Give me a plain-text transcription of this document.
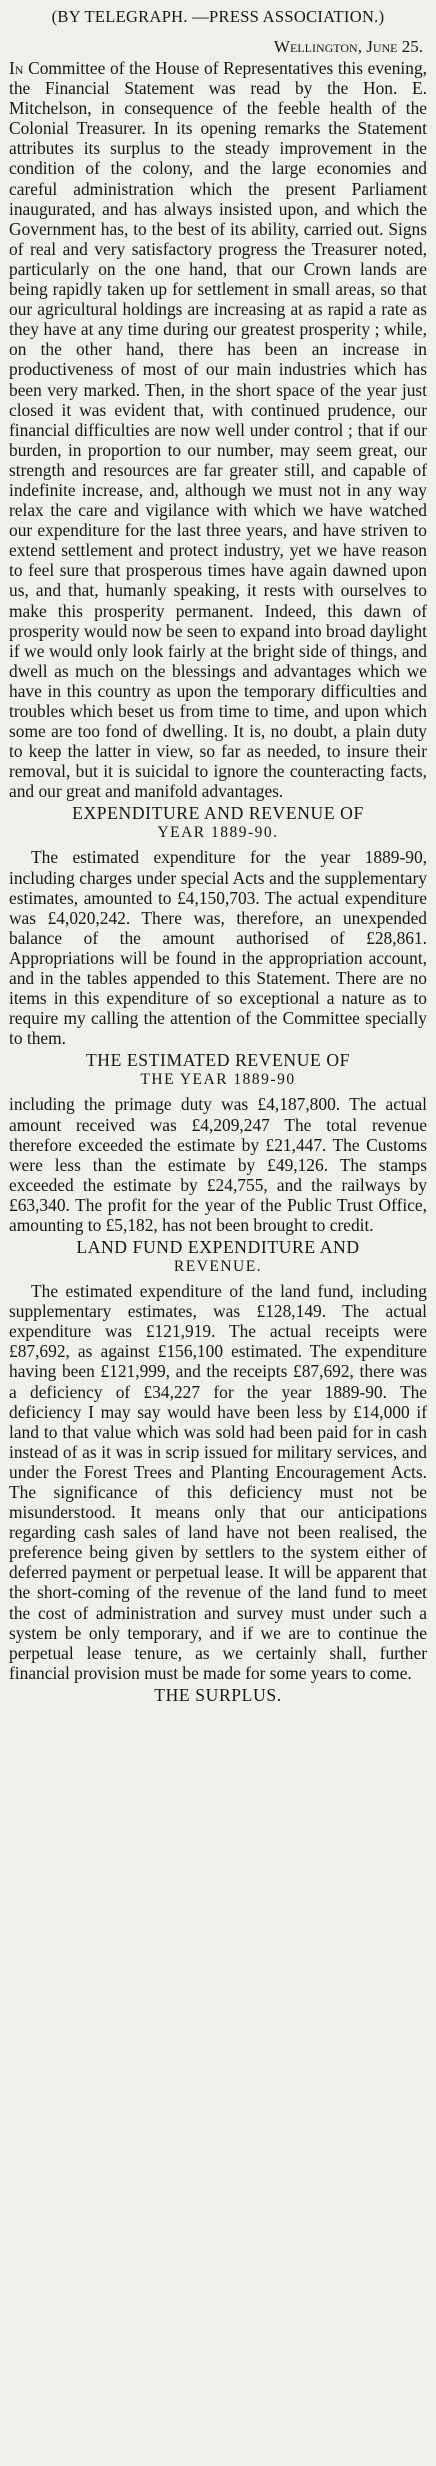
(BY TELEGRAPH. —PRESS ASSOCIATION.)
Wellington, June 25.

In Committee of the House of Representatives this evening, the Financial Statement was read by the Hon. E. Mitchelson, in consequence of the feeble health of the Colonial Treasurer. In its opening remarks the Statement attributes its surplus to the steady improvement in the condition of the colony, and the large economies and careful administration which the present Parliament inaugurated, and has always insisted upon, and which the Government has, to the best of its ability, carried out. Signs of real and very satisfactory progress the Treasurer noted, particularly on the one hand, that our Crown lands are being rapidly taken up for settlement in small areas, so that our agricultural holdings are increasing at as rapid a rate as they have at any time during our greatest prosperity ; while, on the other hand, there has been an increase in productiveness of most of our main industries which has been very marked. Then, in the short space of the year just closed it was evident that, with continued prudence, our financial difficulties are now well under control ; that if our burden, in proportion to our number, may seem great, our strength and resources are far greater still, and capable of indefinite increase, and, although we must not in any way relax the care and vigilance with which we have watched our expenditure for the last three years, and have striven to extend settlement and protect industry, yet we have reason to feel sure that prosperous times have again dawned upon us, and that, humanly speaking, it rests with ourselves to make this prosperity permanent. Indeed, this dawn of prosperity would now be seen to expand into broad daylight if we would only look fairly at the bright side of things, and dwell as much on the blessings and advantages which we have in this country as upon the temporary difficulties and troubles which beset us from time to time, and upon which some are too fond of dwelling. It is, no doubt, a plain duty to keep the latter in view, so far as needed, to insure their removal, but it is suicidal to ignore the counteracting facts, and our great and manifold advantages.

EXPENDITURE AND REVENUE OF
YEAR 1889-90.

The estimated expenditure for the year 1889-90, including charges under special Acts and the supplementary estimates, amounted to £4,150,703. The actual expenditure was £4,020,242. There was, therefore, an unexpended balance of the amount authorised of £28,861. Appropriations will be found in the appropriation account, and in the tables appended to this Statement. There are no items in this expenditure of so exceptional a nature as to require my calling the attention of the Committee specially to them.

THE ESTIMATED REVENUE OF
THE YEAR 1889-90

including the primage duty was £4,187,800. The actual amount received was £4,209,247 The total revenue therefore exceeded the estimate by £21,447. The Customs were less than the estimate by £49,126. The stamps exceeded the estimate by £24,755, and the railways by £63,340. The profit for the year of the Public Trust Office, amounting to £5,182, has not been brought to credit.

LAND FUND EXPENDITURE AND
REVENUE.

The estimated expenditure of the land fund, including supplementary estimates, was £128,149. The actual expenditure was £121,919. The actual receipts were £87,692, as against £156,100 estimated. The expenditure having been £121,999, and the receipts £87,692, there was a deficiency of £34,227 for the year 1889-90. The deficiency I may say would have been less by £14,000 if land to that value which was sold had been paid for in cash instead of as it was in scrip issued for military services, and under the Forest Trees and Planting Encouragement Acts. The significance of this deficiency must not be misunderstood. It means only that our anticipations regarding cash sales of land have not been realised, the preference being given by settlers to the system either of deferred payment or perpetual lease. It will be apparent that the short-coming of the revenue of the land fund to meet the cost of administration and survey must under such a system be only temporary, and if we are to continue the perpetual lease tenure, as we certainly shall, further financial provision must be made for some years to come.

THE SURPLUS.
